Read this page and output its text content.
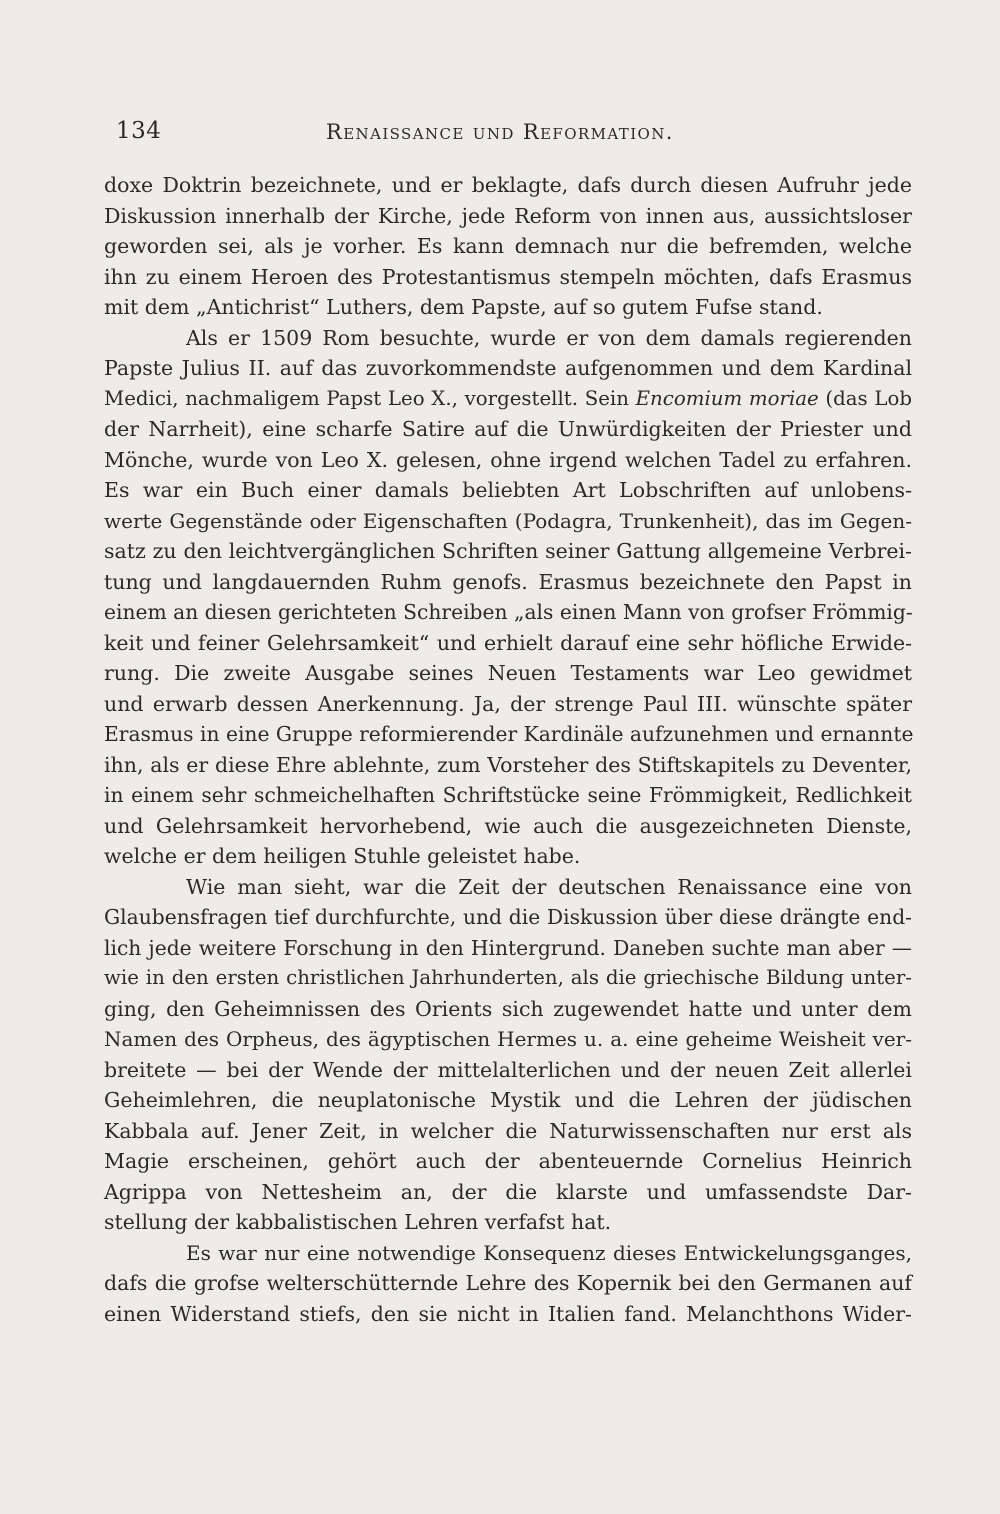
134	Renaissance und Reformation.
doxe Doktrin bezeichnete, und er beklagte, dafs durch diesen Aufruhr jede
Diskussion innerhalb der Kirche, jede Reform von innen aus, aussichtsloser
geworden sei, als je vorher. Es kann demnach nur die befremden, welche
ihn zu einem Heroen des Protestantismus stempeln möchten, dafs Erasmus
mit dem „Antichrist“ Luthers, dem Papste, auf so gutem Fufse stand.
Als er 1509 Rom besuchte, wurde er von dem damals regierenden
Papste Julius II. auf das zuvorkommendste aufgenommen und dem Kardinal
Medici, nachmaligem Papst Leo X., vorgestellt. Sein Encomium moriae (das Lob
der Narrheit), eine scharfe Satire auf die Unwürdigkeiten der Priester und
Mönche, wurde von Leo X. gelesen, ohne irgend welchen Tadel zu erfahren.
Es war ein Buch einer damals beliebten Art Lobschriften auf unlobens-
werte Gegenstände oder Eigenschaften (Podagra, Trunkenheit), das im Gegen-
satz zu den leichtvergänglichen Schriften seiner Gattung allgemeine Verbrei-
tung und langdauernden Ruhm genofs. Erasmus bezeichnete den Papst in
einem an diesen gerichteten Schreiben „als einen Mann von grofser Frömmig-
keit und feiner Gelehrsamkeit“ und erhielt darauf eine sehr höfliche Erwide-
rung. Die zweite Ausgabe seines Neuen Testaments war Leo gewidmet
und erwarb dessen Anerkennung. Ja, der strenge Paul III. wünschte später
Erasmus in eine Gruppe reformierender Kardinäle aufzunehmen und ernannte
ihn, als er diese Ehre ablehnte, zum Vorsteher des Stiftskapitels zu Deventer,
in einem sehr schmeichelhaften Schriftstücke seine Frömmigkeit, Redlichkeit
und Gelehrsamkeit hervorhebend, wie auch die ausgezeichneten Dienste,
welche er dem heiligen Stuhle geleistet habe.
Wie man sieht, war die Zeit der deutschen Renaissance eine von
Glaubensfragen tief durchfurchte, und die Diskussion über diese drängte end-
lich jede weitere Forschung in den Hintergrund. Daneben suchte man aber —
wie in den ersten christlichen Jahrhunderten, als die griechische Bildung unter-
ging, den Geheimnissen des Orients sich zugewendet hatte und unter dem
Namen des Orpheus, des ägyptischen Hermes u. a. eine geheime Weisheit ver-
breitete — bei der Wende der mittelalterlichen und der neuen Zeit allerlei
Geheimlehren, die neuplatonische Mystik und die Lehren der jüdischen
Kabbala auf. Jener Zeit, in welcher die Naturwissenschaften nur erst als
Magie erscheinen, gehört auch der abenteuernde Cornelius Heinrich
Agrippa von Nettesheim an, der die klarste und umfassendste Dar-
stellung der kabbalistischen Lehren verfafst hat.
Es war nur eine notwendige Konsequenz dieses Entwickelungsganges,
dafs die grofse welterschütternde Lehre des Kopernik bei den Germanen auf
einen Widerstand stiefs, den sie nicht in Italien fand. Melanchthons Wider-
